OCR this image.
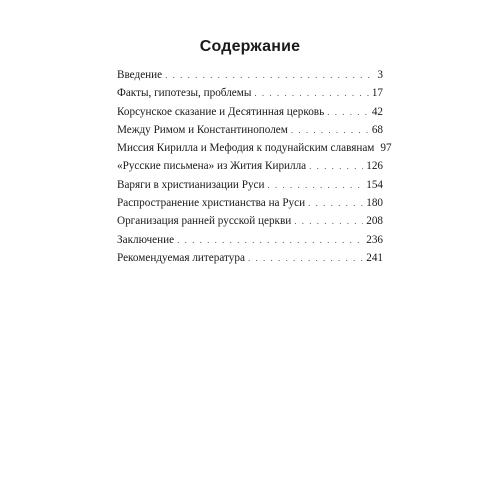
Содержание
Введение . . .	3
Факты, гипотезы, проблемы . . .	17
Корсунское сказание и Десятинная церковь . . .	42
Между Римом и Константинополем . . .	68
Миссия Кирилла и Мефодия к подунайским славянам 97
«Русские письмена» из Жития Кирилла . . .	126
Варяги в христианизации Руси . . .	154
Распространение христианства на Руси . . .	180
Организация ранней русской церкви . . .	208
Заключение . . .	236
Рекомендуемая литература . . .	241
